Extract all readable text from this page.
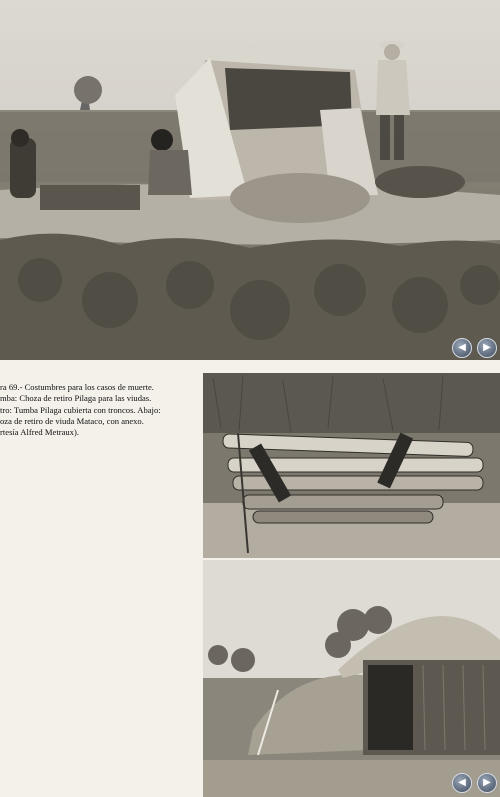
◀ ▶
ra 69.- Costumbres para los casos de muerte.
mba: Choza de retiro Pilaga para las viudas.
tro: Tumba Pilaga cubierta con troncos. Abajo:
oza de retiro de viuda Mataco, con anexo.
rtesía Alfred Metraux).
◀ ▶
